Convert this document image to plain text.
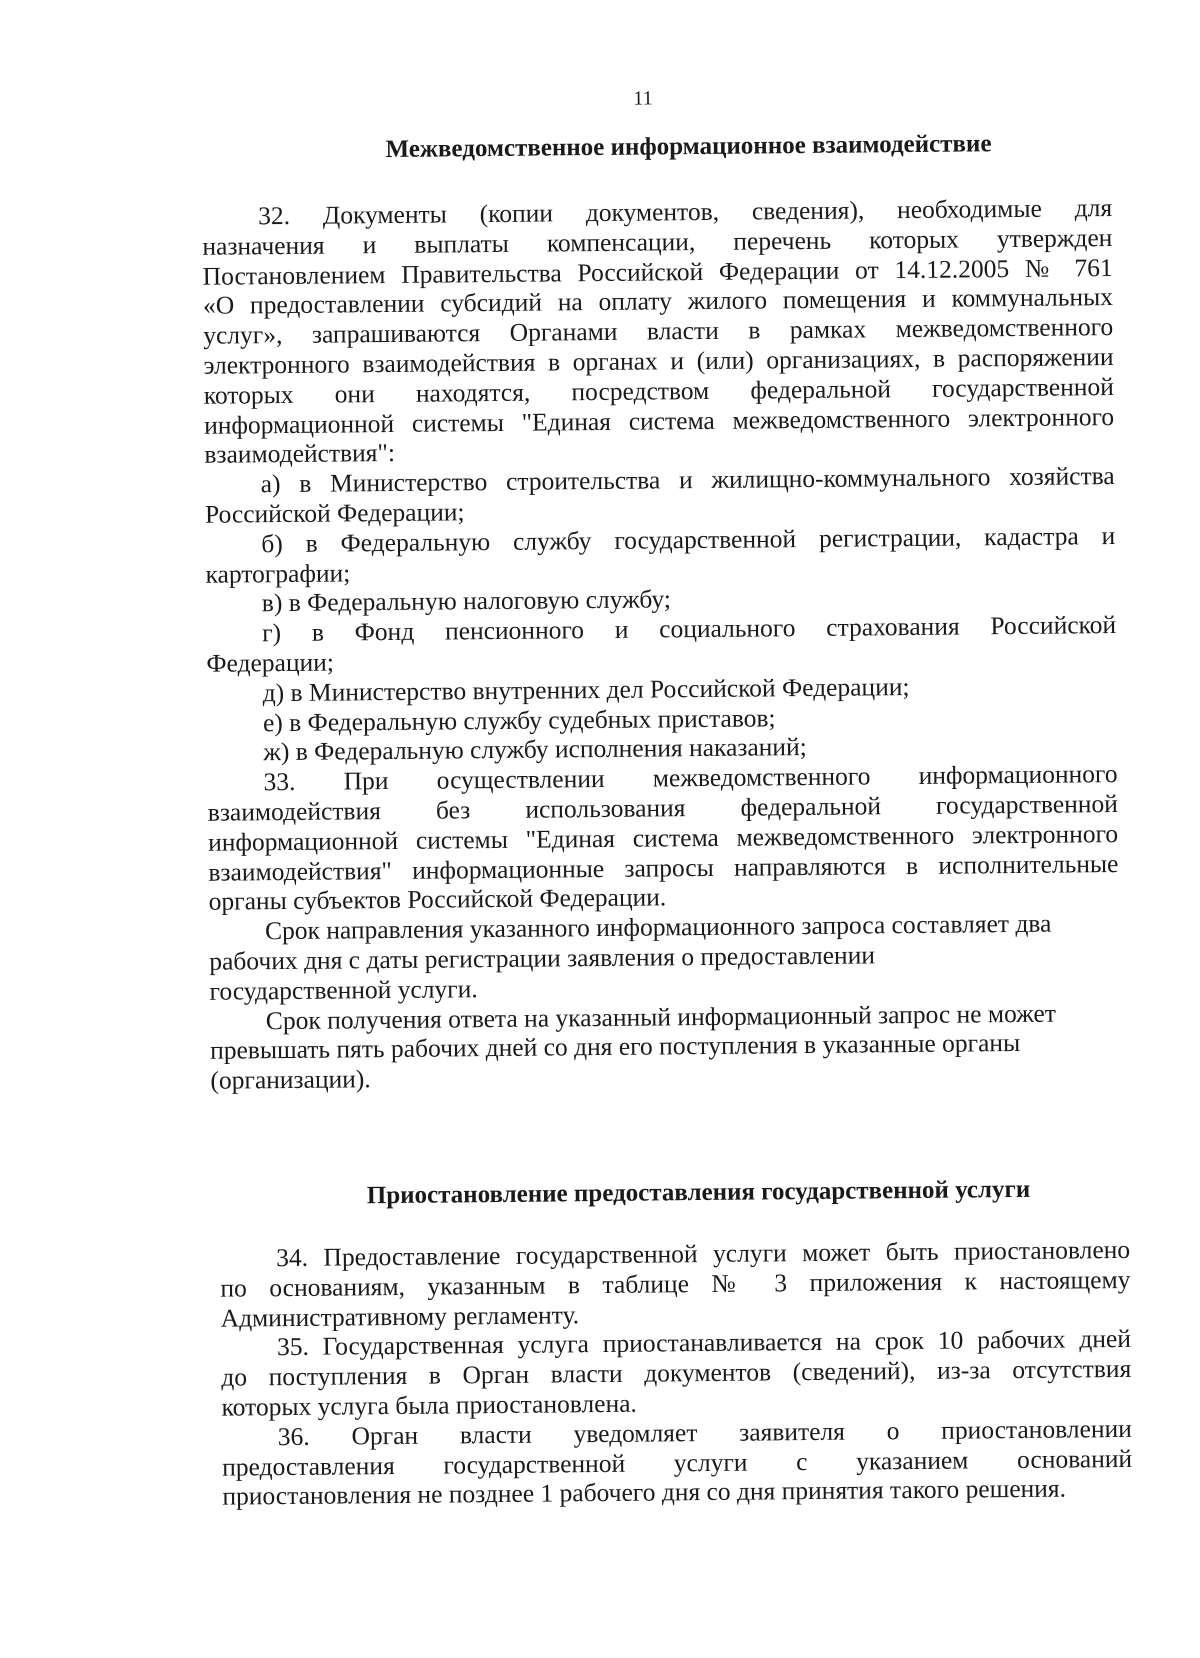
11
Межведомственное информационное взаимодействие
32. Документы (копии документов, сведения), необходимые для
назначения и выплаты компенсации, перечень которых утвержден
Постановлением Правительства Российской Федерации от 14.12.2005 № 761
«О предоставлении субсидий на оплату жилого помещения и коммунальных
услуг», запрашиваются Органами власти в рамках межведомственного
электронного взаимодействия в органах и (или) организациях, в распоряжении
которых они находятся, посредством федеральной государственной
информационной системы "Единая система межведомственного электронного
взаимодействия":
а) в Министерство строительства и жилищно-коммунального хозяйства
Российской Федерации;
б) в Федеральную службу государственной регистрации, кадастра и
картографии;
в) в Федеральную налоговую службу;
г) в Фонд пенсионного и социального страхования Российской
Федерации;
д) в Министерство внутренних дел Российской Федерации;
е) в Федеральную службу судебных приставов;
ж) в Федеральную службу исполнения наказаний;
33. При осуществлении межведомственного информационного
взаимодействия без использования федеральной государственной
информационной системы "Единая система межведомственного электронного
взаимодействия" информационные запросы направляются в исполнительные
органы субъектов Российской Федерации.
Срок направления указанного информационного запроса составляет два
рабочих дня с даты регистрации заявления о предоставлении
государственной услуги.
Срок получения ответа на указанный информационный запрос не может
превышать пять рабочих дней со дня его поступления в указанные органы
(организации).
Приостановление предоставления государственной услуги
34. Предоставление государственной услуги может быть приостановлено
по основаниям, указанным в таблице № 3 приложения к настоящему
Административному регламенту.
35. Государственная услуга приостанавливается на срок 10 рабочих дней
до поступления в Орган власти документов (сведений), из-за отсутствия
которых услуга была приостановлена.
36. Орган власти уведомляет заявителя о приостановлении
предоставления государственной услуги с указанием оснований
приостановления не позднее 1 рабочего дня со дня принятия такого решения.
